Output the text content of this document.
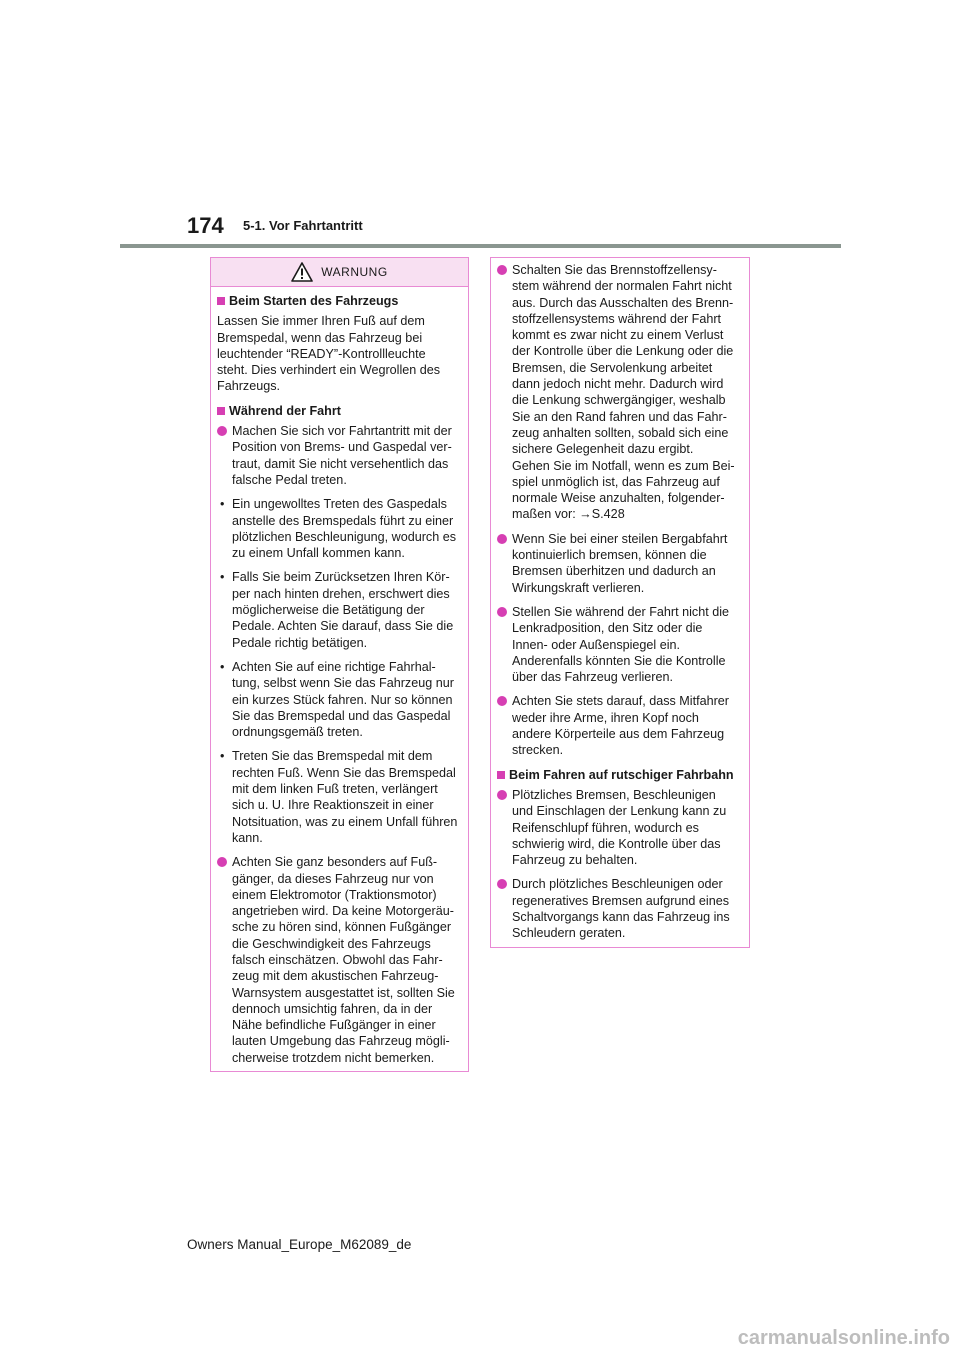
174 5-1. Vor Fahrtantritt
WARNUNG
Beim Starten des Fahrzeugs
Lassen Sie immer Ihren Fuß auf dem
Bremspedal, wenn das Fahrzeug bei
leuchtender “READY”-Kontrollleuchte
steht. Dies verhindert ein Wegrollen des
Fahrzeugs.
Während der Fahrt
Machen Sie sich vor Fahrtantritt mit der
Position von Brems- und Gaspedal ver-
traut, damit Sie nicht versehentlich das
falsche Pedal treten.
• Ein ungewolltes Treten des Gaspedals
anstelle des Bremspedals führt zu einer
plötzlichen Beschleunigung, wodurch es
zu einem Unfall kommen kann.
• Falls Sie beim Zurücksetzen Ihren Kör-
per nach hinten drehen, erschwert dies
möglicherweise die Betätigung der
Pedale. Achten Sie darauf, dass Sie die
Pedale richtig betätigen.
• Achten Sie auf eine richtige Fahrhal-
tung, selbst wenn Sie das Fahrzeug nur
ein kurzes Stück fahren. Nur so können
Sie das Bremspedal und das Gaspedal
ordnungsgemäß treten.
• Treten Sie das Bremspedal mit dem
rechten Fuß. Wenn Sie das Bremspedal
mit dem linken Fuß treten, verlängert
sich u. U. Ihre Reaktionszeit in einer
Notsituation, was zu einem Unfall führen
kann.
Achten Sie ganz besonders auf Fuß-
gänger, da dieses Fahrzeug nur von
einem Elektromotor (Traktionsmotor)
angetrieben wird. Da keine Motorgeräu-
sche zu hören sind, können Fußgänger
die Geschwindigkeit des Fahrzeugs
falsch einschätzen. Obwohl das Fahr-
zeug mit dem akustischen Fahrzeug-
Warnsystem ausgestattet ist, sollten Sie
dennoch umsichtig fahren, da in der
Nähe befindliche Fußgänger in einer
lauten Umgebung das Fahrzeug mögli-
cherweise trotzdem nicht bemerken.
Schalten Sie das Brennstoffzellensy-
stem während der normalen Fahrt nicht
aus. Durch das Ausschalten des Brenn-
stoffzellensystems während der Fahrt
kommt es zwar nicht zu einem Verlust
der Kontrolle über die Lenkung oder die
Bremsen, die Servolenkung arbeitet
dann jedoch nicht mehr. Dadurch wird
die Lenkung schwergängiger, weshalb
Sie an den Rand fahren und das Fahr-
zeug anhalten sollten, sobald sich eine
sichere Gelegenheit dazu ergibt.
Gehen Sie im Notfall, wenn es zum Bei-
spiel unmöglich ist, das Fahrzeug auf
normale Weise anzuhalten, folgender-
maßen vor: →S.428
Wenn Sie bei einer steilen Bergabfahrt
kontinuierlich bremsen, können die
Bremsen überhitzen und dadurch an
Wirkungskraft verlieren.
Stellen Sie während der Fahrt nicht die
Lenkradposition, den Sitz oder die
Innen- oder Außenspiegel ein.
Anderenfalls könnten Sie die Kontrolle
über das Fahrzeug verlieren.
Achten Sie stets darauf, dass Mitfahrer
weder ihre Arme, ihren Kopf noch
andere Körperteile aus dem Fahrzeug
strecken.
Beim Fahren auf rutschiger Fahrbahn
Plötzliches Bremsen, Beschleunigen
und Einschlagen der Lenkung kann zu
Reifenschlupf führen, wodurch es
schwierig wird, die Kontrolle über das
Fahrzeug zu behalten.
Durch plötzliches Beschleunigen oder
regeneratives Bremsen aufgrund eines
Schaltvorgangs kann das Fahrzeug ins
Schleudern geraten.
Owners Manual_Europe_M62089_de
carmanualsonline.info
